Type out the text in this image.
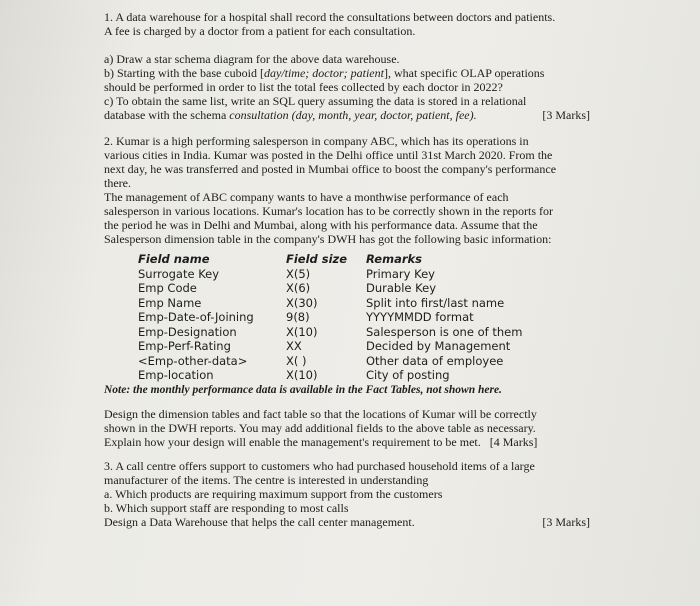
1. A data warehouse for a hospital shall record the consultations between doctors and patients.

A fee is charged by a doctor from a patient for each consultation.

a) Draw a star schema diagram for the above data warehouse.

b) Starting with the base cuboid [day/time; doctor; patient], what specific OLAP operations

should be performed in order to list the total fees collected by each doctor in 2022?

c) To obtain the same list, write an SQL query assuming the data is stored in a relational

database with the schema consultation (day, month, year, doctor, patient, fee).	[3 Marks]

2. Kumar is a high performing salesperson in company ABC, which has its operations in

various cities in India. Kumar was posted in the Delhi office until 31st March 2020. From the

next day, he was transferred and posted in Mumbai office to boost the company's performance

there.

The management of ABC company wants to have a monthwise performance of each

salesperson in various locations. Kumar's location has to be correctly shown in the reports for

the period he was in Delhi and Mumbai, along with his performance data. Assume that the

Salesperson dimension table in the company's DWH has got the following basic information:

Field name	Field size	Remarks
Surrogate Key	X(5)	Primary Key
Emp Code	X(6)	Durable Key
Emp Name	X(30)	Split into first/last name
Emp-Date-of-Joining	9(8)	YYYYMMDD format
Emp-Designation	X(10)	Salesperson is one of them
Emp-Perf-Rating	XX	Decided by Management
<Emp-other-data>	X( )	Other data of employee
Emp-location	X(10)	City of posting

Note: the monthly performance data is available in the Fact Tables, not shown here.

Design the dimension tables and fact table so that the locations of Kumar will be correctly

shown in the DWH reports. You may add additional fields to the above table as necessary.

Explain how your design will enable the management's requirement to be met. [4 Marks]

3. A call centre offers support to customers who had purchased household items of a large

manufacturer of the items. The centre is interested in understanding

a. Which products are requiring maximum support from the customers

b. Which support staff are responding to most calls

Design a Data Warehouse that helps the call center management.	[3 Marks]
